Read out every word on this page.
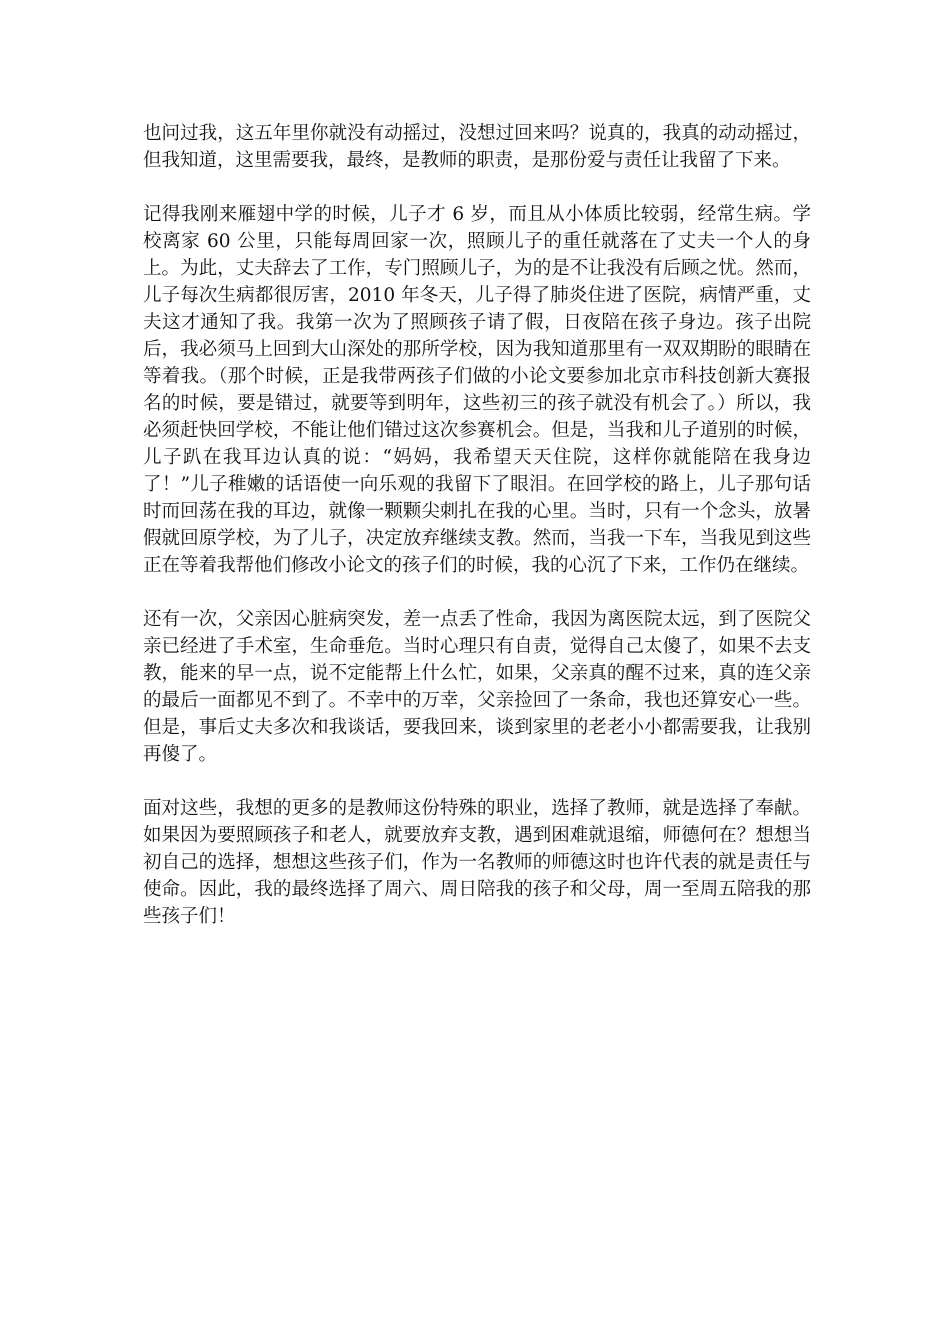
也问过我，这五年里你就没有动摇过，没想过回来吗？说真的，我真的动动摇过，但我知道，这里需要我，最终，是教师的职责，是那份爱与责任让我留了下来。

记得我刚来雁翅中学的时候，儿子才 6 岁，而且从小体质比较弱，经常生病。学校离家 60 公里，只能每周回家一次，照顾儿子的重任就落在了丈夫一个人的身上。为此，丈夫辞去了工作，专门照顾儿子，为的是不让我没有后顾之忧。然而，儿子每次生病都很厉害，2010 年冬天，儿子得了肺炎住进了医院，病情严重，丈夫这才通知了我。我第一次为了照顾孩子请了假，日夜陪在孩子身边。孩子出院后，我必须马上回到大山深处的那所学校，因为我知道那里有一双双期盼的眼睛在等着我。（那个时候，正是我带两孩子们做的小论文要参加北京市科技创新大赛报名的时候，要是错过，就要等到明年，这些初三的孩子就没有机会了。）所以，我必须赶快回学校，不能让他们错过这次参赛机会。但是，当我和儿子道别的时候，儿子趴在我耳边认真的说：“妈妈，我希望天天住院，这样你就能陪在我身边了！”儿子稚嫩的话语使一向乐观的我留下了眼泪。在回学校的路上，儿子那句话时而回荡在我的耳边，就像一颗颗尖刺扎在我的心里。当时，只有一个念头，放暑假就回原学校，为了儿子，决定放弃继续支教。然而，当我一下车，当我见到这些正在等着我帮他们修改小论文的孩子们的时候，我的心沉了下来，工作仍在继续。

还有一次，父亲因心脏病突发，差一点丢了性命，我因为离医院太远，到了医院父亲已经进了手术室，生命垂危。当时心理只有自责，觉得自己太傻了，如果不去支教，能来的早一点，说不定能帮上什么忙，如果，父亲真的醒不过来，真的连父亲的最后一面都见不到了。不幸中的万幸，父亲捡回了一条命，我也还算安心一些。但是，事后丈夫多次和我谈话，要我回来，谈到家里的老老小小都需要我，让我别再傻了。

面对这些，我想的更多的是教师这份特殊的职业，选择了教师，就是选择了奉献。如果因为要照顾孩子和老人，就要放弃支教，遇到困难就退缩，师德何在？想想当初自己的选择，想想这些孩子们，作为一名教师的师德这时也许代表的就是责任与使命。因此，我的最终选择了周六、周日陪我的孩子和父母，周一至周五陪我的那些孩子们！
